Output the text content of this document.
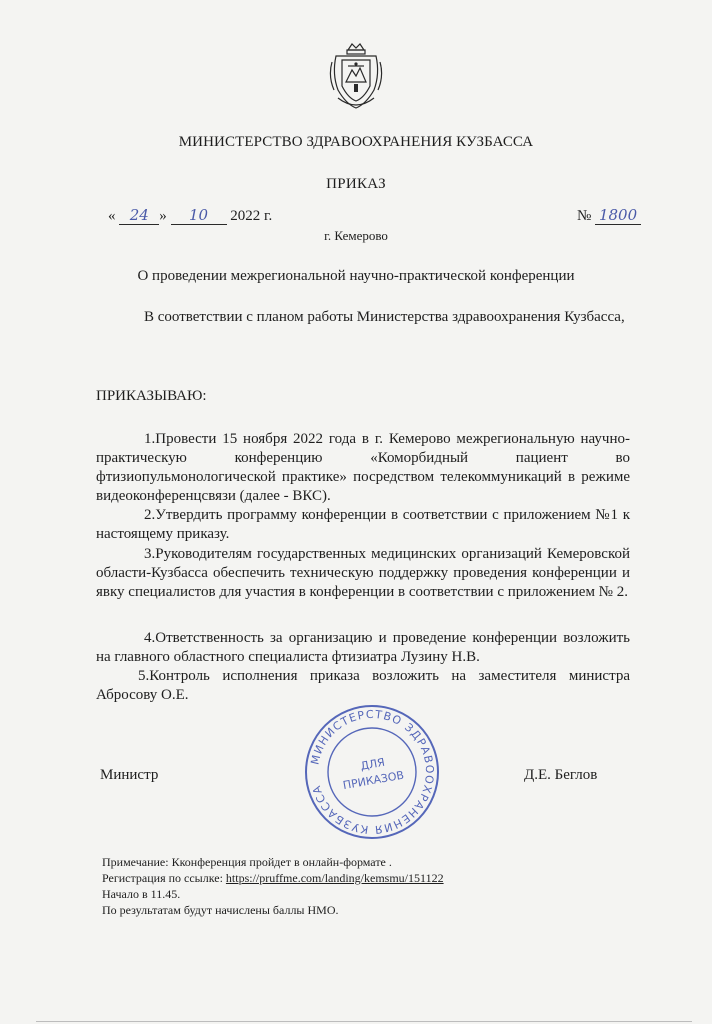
МИНИСТЕРСТВО ЗДРАВООХРАНЕНИЯ КУЗБАССА
ПРИКАЗ
« 24 » 10 2022 г.	№ 1800
г. Кемерово
О проведении межрегиональной научно-практической конференции
В соответствии с планом работы Министерства здравоохранения Кузбасса,
ПРИКАЗЫВАЮ:
1.Провести 15 ноября 2022 года в г. Кемерово межрегиональную научно-практическую конференцию «Коморбидный пациент во фтизиопульмонологической практике» посредством телекоммуникаций в режиме видеоконференцсвязи (далее - ВКС).
2.Утвердить программу конференции в соответствии с приложением №1 к настоящему приказу.
3.Руководителям государственных медицинских организаций Кемеровской области-Кузбасса обеспечить техническую поддержку проведения конференции и явку специалистов для участия в конференции в соответствии с приложением № 2.
4.Ответственность за организацию и проведение конференции возложить на главного областного специалиста фтизиатра Лузину Н.В.
5.Контроль исполнения приказа возложить на заместителя министра Абросову О.Е.
Министр
МИНИСТЕРСТВО ЗДРАВООХРАНЕНИЯ КУЗБАССА
ДЛЯ
ПРИКАЗОВ	Д.Е. Беглов
Примечание: Кконференция пройдет в онлайн-формате .
Регистрация по ссылке: https://pruffme.com/landing/kemsmu/151122
Начало в 11.45.
По результатам будут начислены баллы НМО.
